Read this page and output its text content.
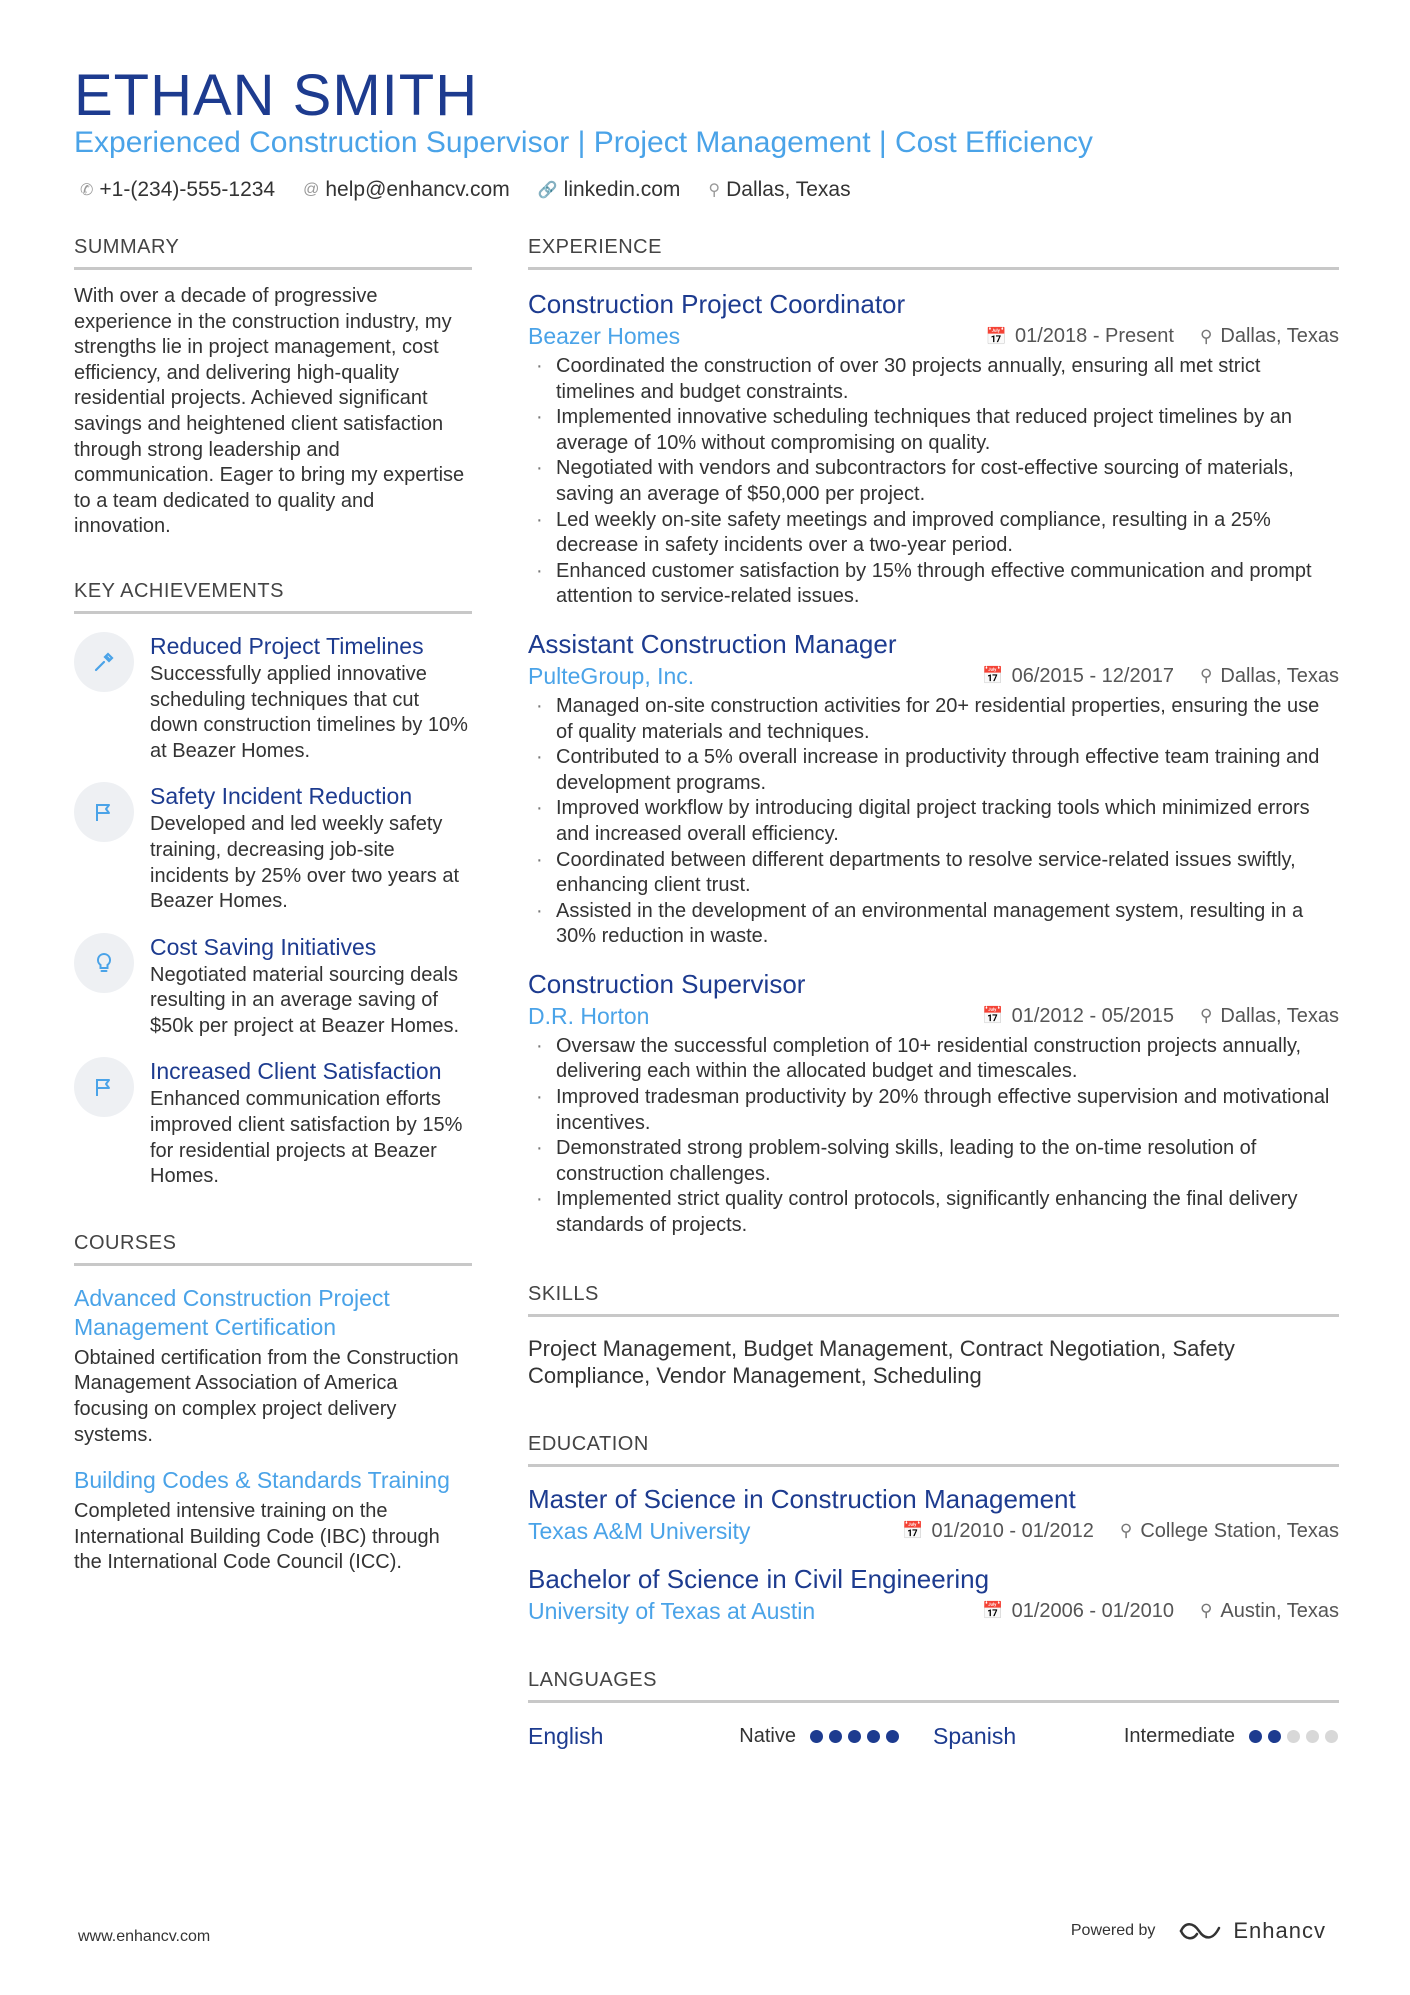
ETHAN SMITH
Experienced Construction Supervisor | Project Management | Cost Efficiency
✆ +1-(234)-555-1234 @ help@enhancv.com 🔗 linkedin.com ⚲ Dallas, Texas
SUMMARY
With over a decade of progressive experience in the construction industry, my strengths lie in project management, cost efficiency, and delivering high-quality residential projects. Achieved significant savings and heightened client satisfaction through strong leadership and communication. Eager to bring my expertise to a team dedicated to quality and innovation.
KEY ACHIEVEMENTS
Reduced Project Timelines
Successfully applied innovative scheduling techniques that cut down construction timelines by 10% at Beazer Homes.
Safety Incident Reduction
Developed and led weekly safety training, decreasing job-site incidents by 25% over two years at Beazer Homes.
Cost Saving Initiatives
Negotiated material sourcing deals resulting in an average saving of $50k per project at Beazer Homes.
Increased Client Satisfaction
Enhanced communication efforts improved client satisfaction by 15% for residential projects at Beazer Homes.
COURSES
Advanced Construction Project Management Certification
Obtained certification from the Construction Management Association of America focusing on complex project delivery systems.
Building Codes & Standards Training
Completed intensive training on the International Building Code (IBC) through the International Code Council (ICC).
EXPERIENCE
Construction Project Coordinator
Beazer Homes	📅 01/2018 - Present ⚲ Dallas, Texas
· Coordinated the construction of over 30 projects annually, ensuring all met strict timelines and budget constraints.
· Implemented innovative scheduling techniques that reduced project timelines by an average of 10% without compromising on quality.
· Negotiated with vendors and subcontractors for cost-effective sourcing of materials, saving an average of $50,000 per project.
· Led weekly on-site safety meetings and improved compliance, resulting in a 25% decrease in safety incidents over a two-year period.
· Enhanced customer satisfaction by 15% through effective communication and prompt attention to service-related issues.
Assistant Construction Manager
PulteGroup, Inc.	📅 06/2015 - 12/2017 ⚲ Dallas, Texas
· Managed on-site construction activities for 20+ residential properties, ensuring the use of quality materials and techniques.
· Contributed to a 5% overall increase in productivity through effective team training and development programs.
· Improved workflow by introducing digital project tracking tools which minimized errors and increased overall efficiency.
· Coordinated between different departments to resolve service-related issues swiftly, enhancing client trust.
· Assisted in the development of an environmental management system, resulting in a 30% reduction in waste.
Construction Supervisor
D.R. Horton	📅 01/2012 - 05/2015 ⚲ Dallas, Texas
· Oversaw the successful completion of 10+ residential construction projects annually, delivering each within the allocated budget and timescales.
· Improved tradesman productivity by 20% through effective supervision and motivational incentives.
· Demonstrated strong problem-solving skills, leading to the on-time resolution of construction challenges.
· Implemented strict quality control protocols, significantly enhancing the final delivery standards of projects.
SKILLS
Project Management, Budget Management, Contract Negotiation, Safety Compliance, Vendor Management, Scheduling
EDUCATION
Master of Science in Construction Management
Texas A&M University	📅 01/2010 - 01/2012 ⚲ College Station, Texas
Bachelor of Science in Civil Engineering
University of Texas at Austin	📅 01/2006 - 01/2010 ⚲ Austin, Texas
LANGUAGES
English	Native	Spanish	Intermediate
www.enhancv.com	Powered by	Enhancv
